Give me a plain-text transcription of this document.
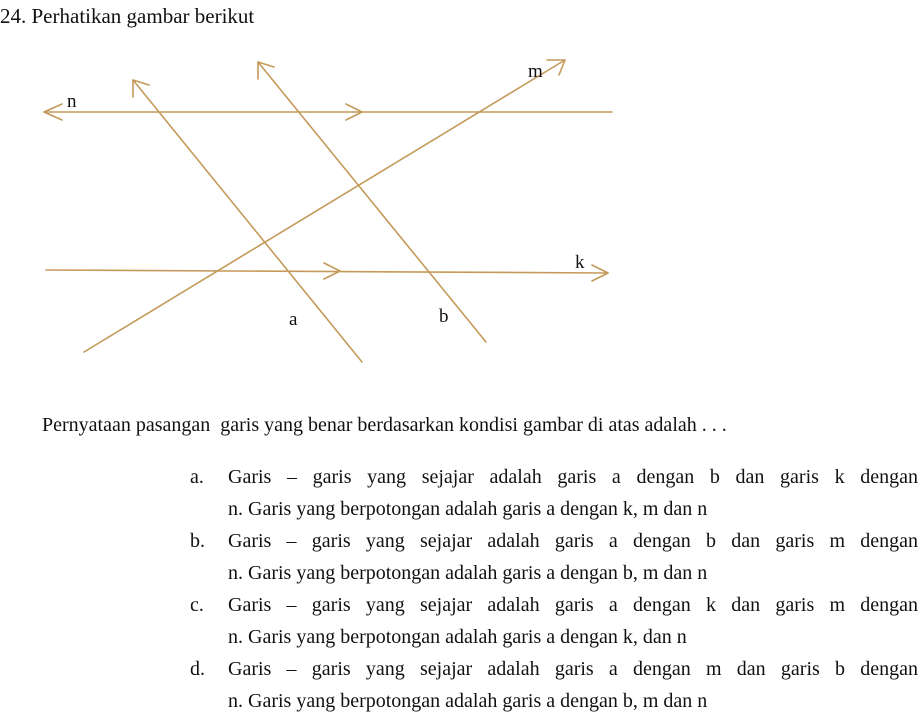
24. Perhatikan gambar berikut
n
m
k
a	b
Pernyataan pasangan  garis yang benar berdasarkan kondisi gambar di atas adalah . . .
a.	Garis – garis yang sejajar adalah garis a dengan b dan garis k dengan
n. Garis yang berpotongan adalah garis a dengan k, m dan n
b.	Garis – garis yang sejajar adalah garis a dengan b dan garis m dengan
n. Garis yang berpotongan adalah garis a dengan b, m dan n
c.	Garis – garis yang sejajar adalah garis a dengan k dan garis m dengan
n. Garis yang berpotongan adalah garis a dengan k, dan n
d.	Garis – garis yang sejajar adalah garis a dengan m dan garis b dengan
n. Garis yang berpotongan adalah garis a dengan b, m dan n
